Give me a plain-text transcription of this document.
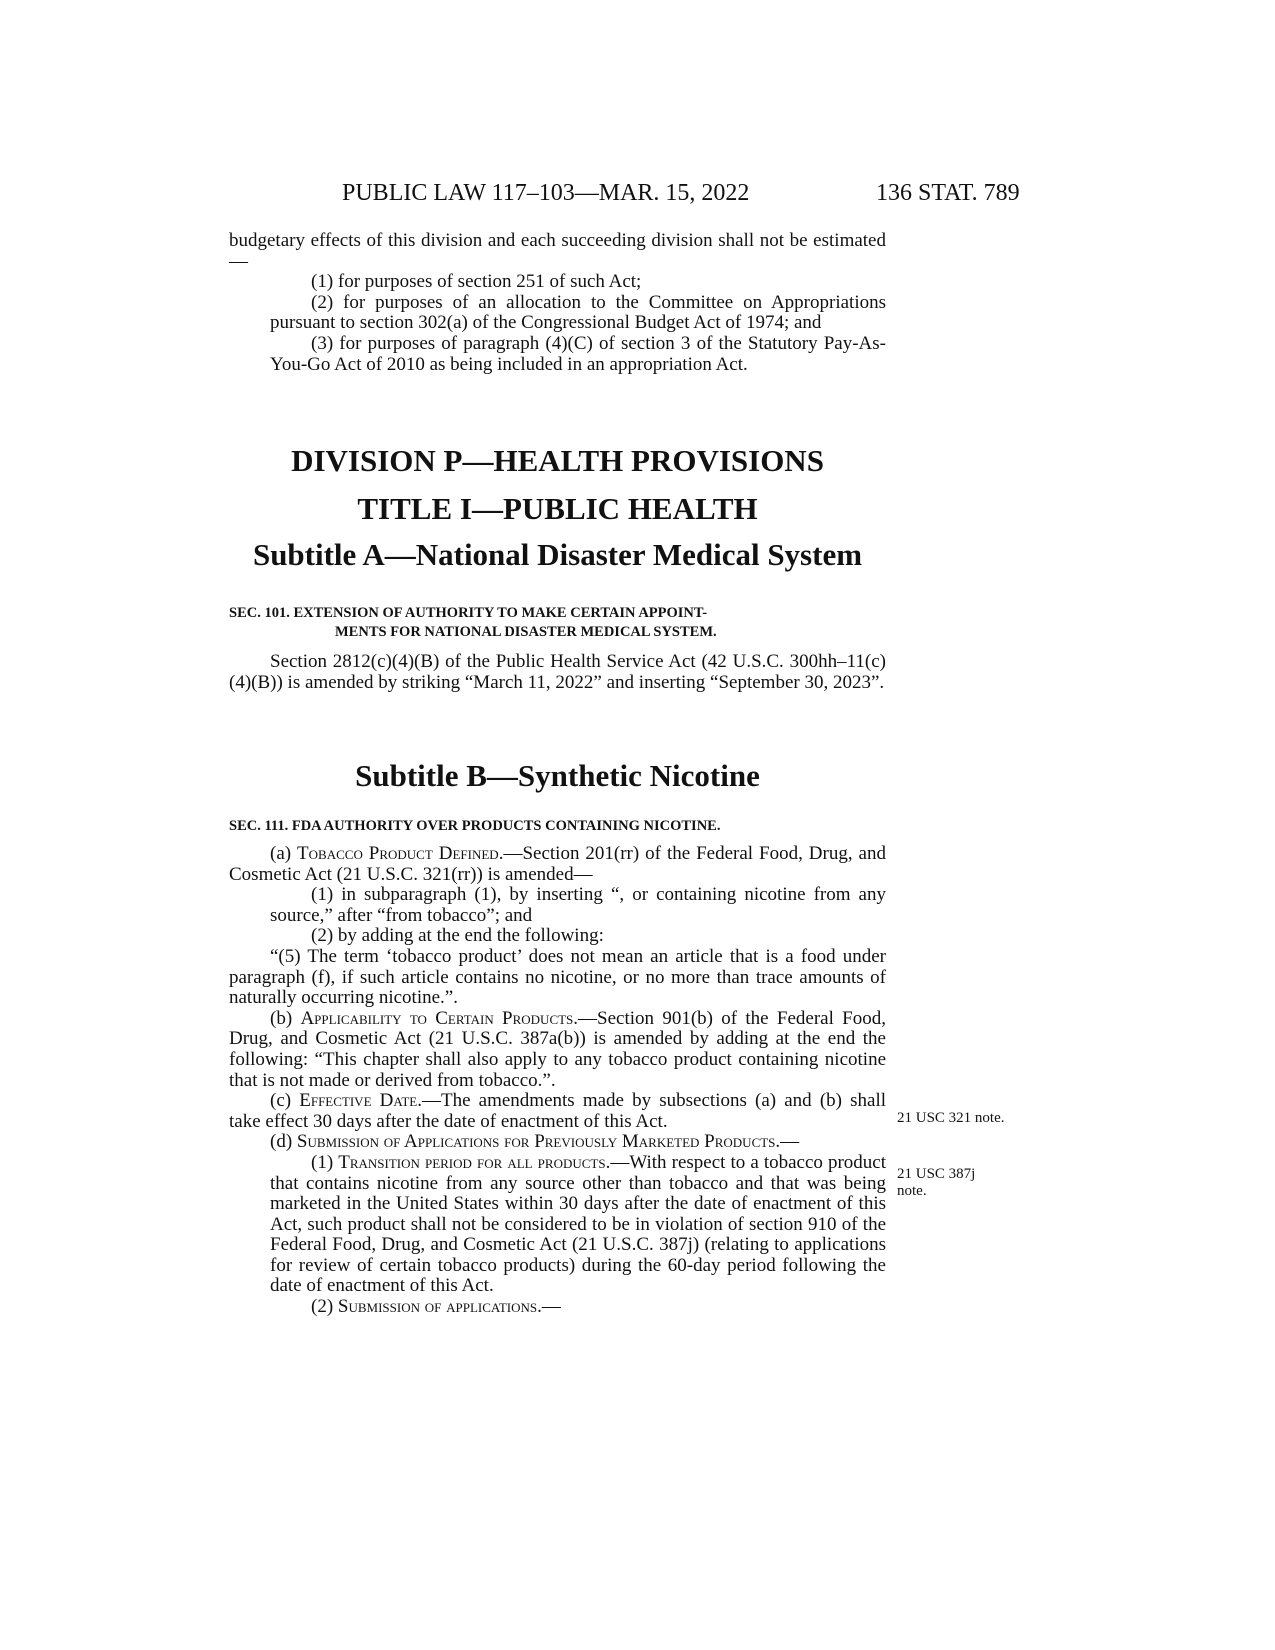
PUBLIC LAW 117–103—MAR. 15, 2022	136 STAT. 789

budgetary effects of this division and each succeeding division shall not be estimated—

(1) for purposes of section 251 of such Act;

(2) for purposes of an allocation to the Committee on Appropriations pursuant to section 302(a) of the Congressional Budget Act of 1974; and

(3) for purposes of paragraph (4)(C) of section 3 of the Statutory Pay-As-You-Go Act of 2010 as being included in an appropriation Act.

DIVISION P—HEALTH PROVISIONS
TITLE I—PUBLIC HEALTH
Subtitle A—National Disaster Medical System

SEC. 101. EXTENSION OF AUTHORITY TO MAKE CERTAIN APPOINT-

MENTS FOR NATIONAL DISASTER MEDICAL SYSTEM.

Section 2812(c)(4)(B) of the Public Health Service Act (42 U.S.C. 300hh–11(c)(4)(B)) is amended by striking “March 11, 2022” and inserting “September 30, 2023”.

Subtitle B—Synthetic Nicotine

SEC. 111. FDA AUTHORITY OVER PRODUCTS CONTAINING NICOTINE.

(a) Tobacco Product Defined.—Section 201(rr) of the Federal Food, Drug, and Cosmetic Act (21 U.S.C. 321(rr)) is amended—

(1) in subparagraph (1), by inserting “, or containing nicotine from any source,” after “from tobacco”; and

(2) by adding at the end the following:

“(5) The term ‘tobacco product’ does not mean an article that is a food under paragraph (f), if such article contains no nicotine, or no more than trace amounts of naturally occurring nicotine.”.

(b) Applicability to Certain Products.—Section 901(b) of the Federal Food, Drug, and Cosmetic Act (21 U.S.C. 387a(b)) is amended by adding at the end the following: “This chapter shall also apply to any tobacco product containing nicotine that is not made or derived from tobacco.”.

(c) Effective Date.—The amendments made by subsections (a) and (b) shall take effect 30 days after the date of enactment of this Act.

(d) Submission of Applications for Previously Marketed Products.—

(1) Transition period for all products.—With respect to a tobacco product that contains nicotine from any source other than tobacco and that was being marketed in the United States within 30 days after the date of enactment of this Act, such product shall not be considered to be in violation of section 910 of the Federal Food, Drug, and Cosmetic Act (21 U.S.C. 387j) (relating to applications for review of certain tobacco products) during the 60-day period following the date of enactment of this Act.

(2) Submission of applications.—

21 USC 321 note.
21 USC 387j note.
